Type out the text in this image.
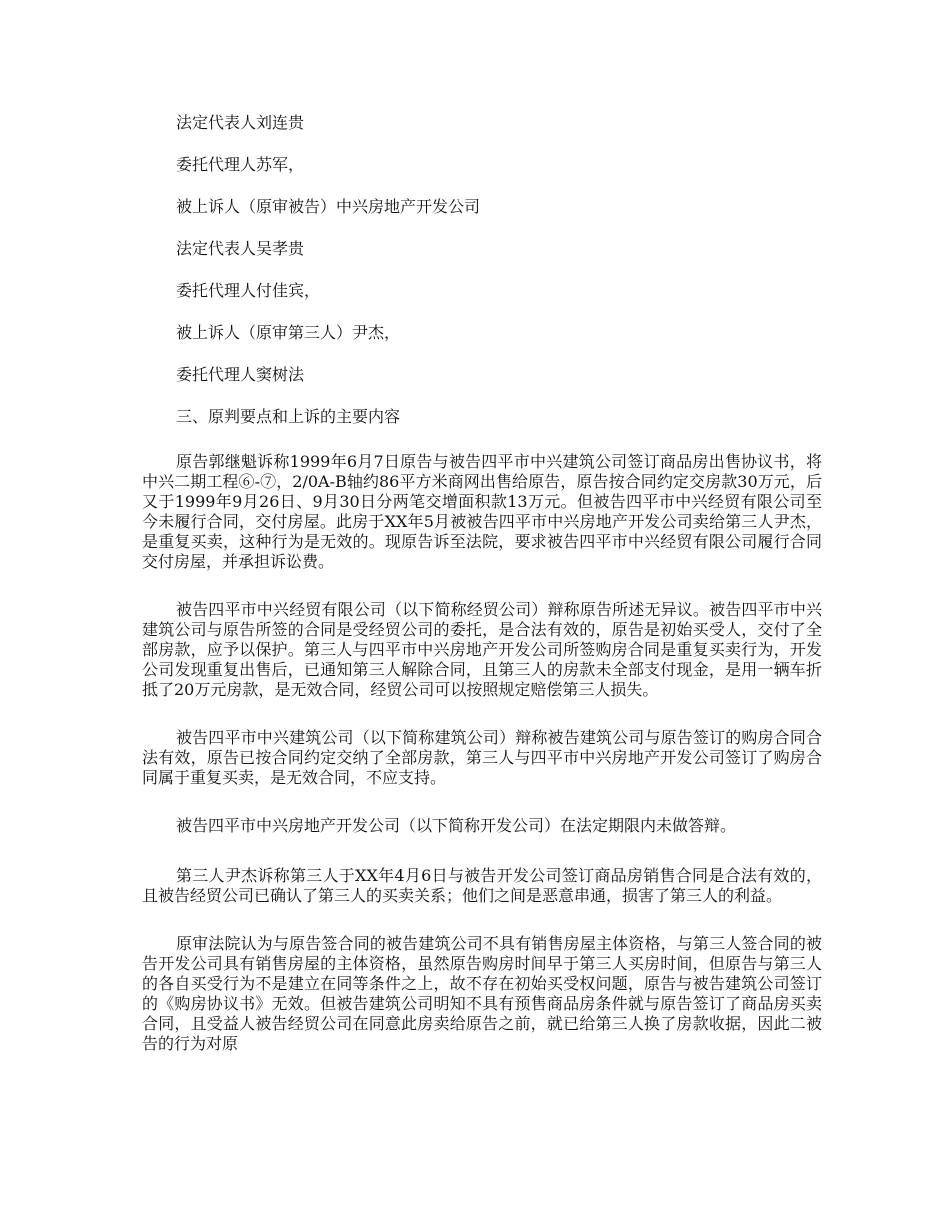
法定代表人刘连贵

委托代理人苏军，

被上诉人（原审被告）中兴房地产开发公司

法定代表人吴孝贵

委托代理人付佳宾，

被上诉人（原审第三人）尹杰，

委托代理人窦树法

三、原判要点和上诉的主要内容

原告郭继魁诉称1999年6月7日原告与被告四平市中兴建筑公司签订商品房出售协议书，将中兴二期工程⑥-⑦，2/0A-B轴约86平方米商网出售给原告，原告按合同约定交房款30万元，后又于1999年9月26日、9月30日分两笔交增面积款13万元。但被告四平市中兴经贸有限公司至今未履行合同，交付房屋。此房于XX年5月被被告四平市中兴房地产开发公司卖给第三人尹杰，是重复买卖，这种行为是无效的。现原告诉至法院，要求被告四平市中兴经贸有限公司履行合同交付房屋，并承担诉讼费。

被告四平市中兴经贸有限公司（以下简称经贸公司）辩称原告所述无异议。被告四平市中兴建筑公司与原告所签的合同是受经贸公司的委托，是合法有效的，原告是初始买受人，交付了全部房款，应予以保护。第三人与四平市中兴房地产开发公司所签购房合同是重复买卖行为，开发公司发现重复出售后，已通知第三人解除合同，且第三人的房款未全部支付现金，是用一辆车折抵了20万元房款，是无效合同，经贸公司可以按照规定赔偿第三人损失。

被告四平市中兴建筑公司（以下简称建筑公司）辩称被告建筑公司与原告签订的购房合同合法有效，原告已按合同约定交纳了全部房款，第三人与四平市中兴房地产开发公司签订了购房合同属于重复买卖，是无效合同，不应支持。

被告四平市中兴房地产开发公司（以下简称开发公司）在法定期限内未做答辩。

第三人尹杰诉称第三人于XX年4月6日与被告开发公司签订商品房销售合同是合法有效的，且被告经贸公司已确认了第三人的买卖关系；他们之间是恶意串通，损害了第三人的利益。

原审法院认为与原告签合同的被告建筑公司不具有销售房屋主体资格，与第三人签合同的被告开发公司具有销售房屋的主体资格，虽然原告购房时间早于第三人买房时间，但原告与第三人的各自买受行为不是建立在同等条件之上，故不存在初始买受权问题，原告与被告建筑公司签订的《购房协议书》无效。但被告建筑公司明知不具有预售商品房条件就与原告签订了商品房买卖合同，且受益人被告经贸公司在同意此房卖给原告之前，就已给第三人换了房款收据，因此二被告的行为对原
